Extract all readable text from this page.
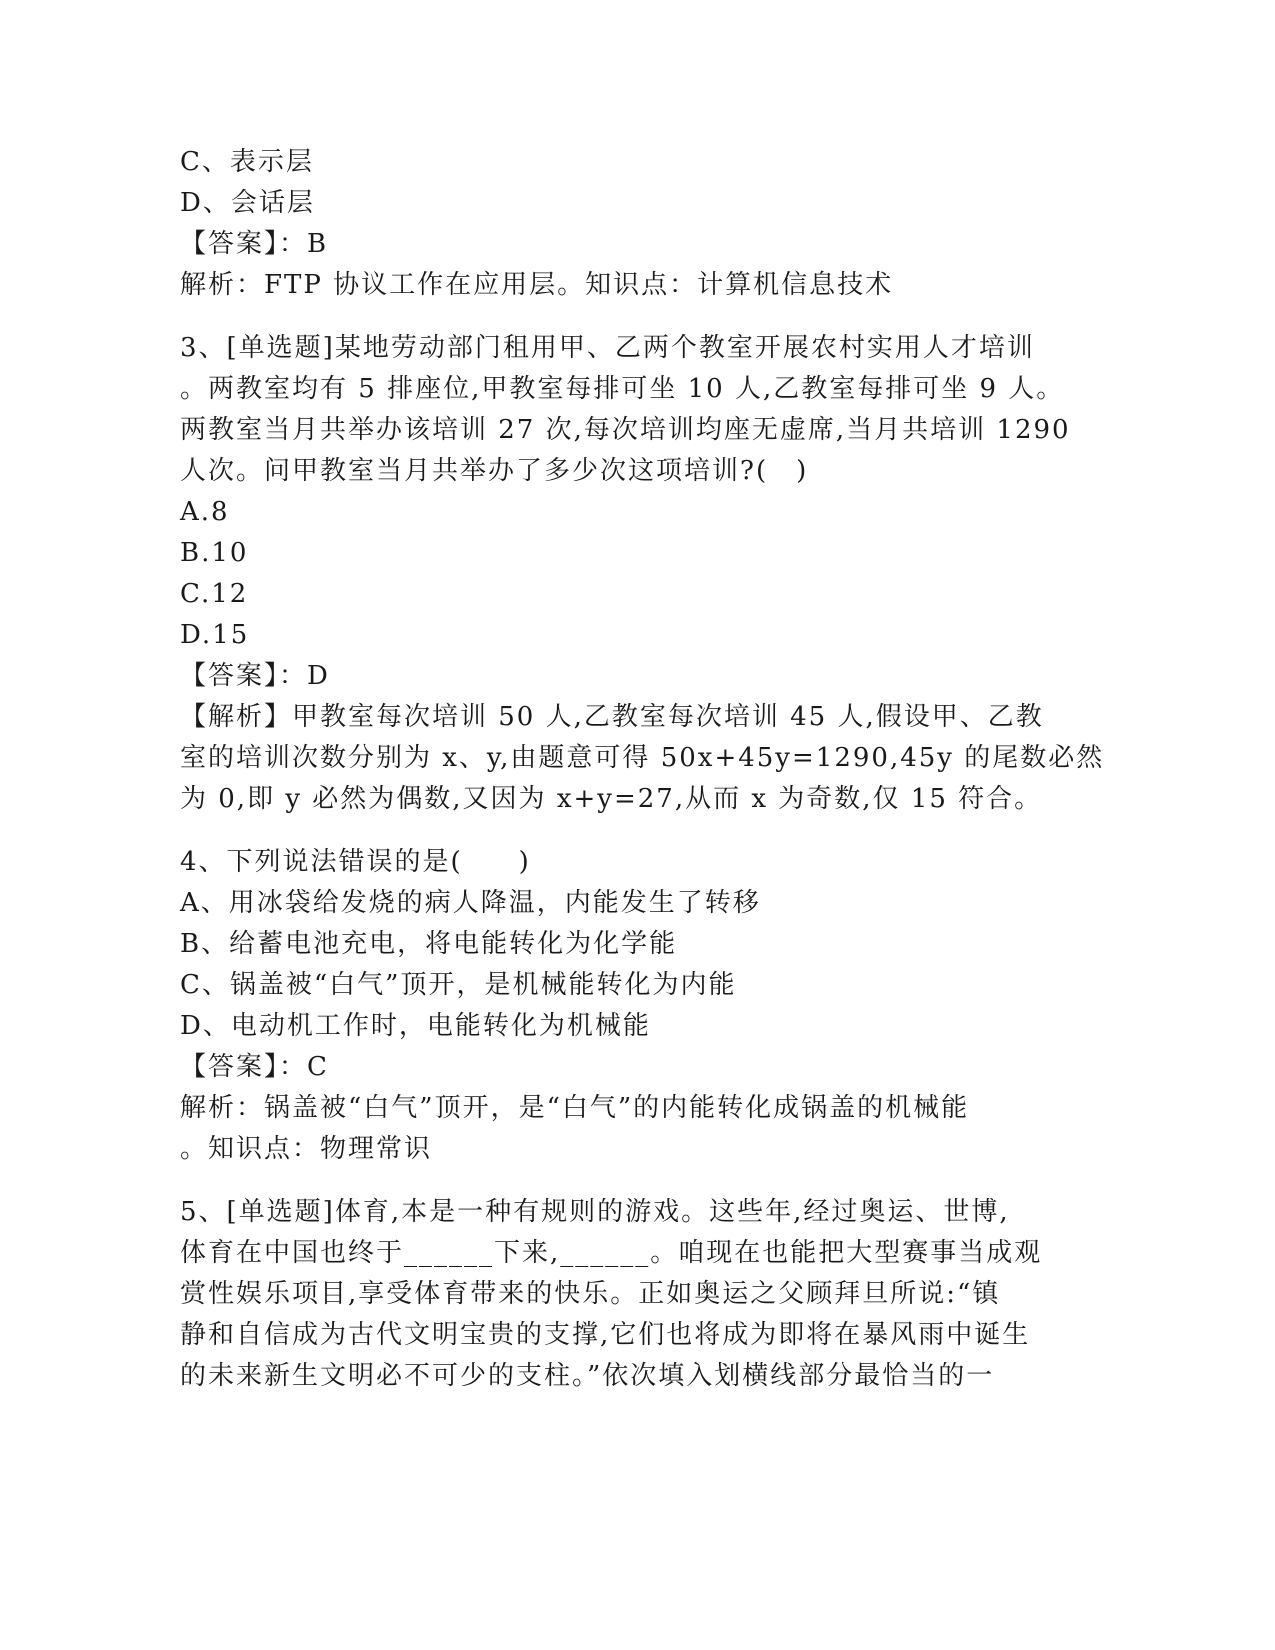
C、表示层
D、会话层
【答案】：B
解析：FTP 协议工作在应用层。知识点：计算机信息技术
3、[单选题]某地劳动部门租用甲、乙两个教室开展农村实用人才培训
。两教室均有 5 排座位,甲教室每排可坐 10 人,乙教室每排可坐 9 人。
两教室当月共举办该培训 27 次,每次培训均座无虚席,当月共培训 1290
人次。问甲教室当月共举办了多少次这项培训?(　)
A.8
B.10
C.12
D.15
【答案】：D
【解析】甲教室每次培训 50 人,乙教室每次培训 45 人,假设甲、乙教
室的培训次数分别为 x、y,由题意可得 50x+45y=1290,45y 的尾数必然
为 0,即 y 必然为偶数,又因为 x+y=27,从而 x 为奇数,仅 15 符合。
4、下列说法错误的是(　　)
A、用冰袋给发烧的病人降温，内能发生了转移
B、给蓄电池充电，将电能转化为化学能
C、锅盖被“白气”顶开，是机械能转化为内能
D、电动机工作时，电能转化为机械能
【答案】：C
解析：锅盖被“白气”顶开，是“白气”的内能转化成锅盖的机械能
。知识点：物理常识
5、[单选题]体育,本是一种有规则的游戏。这些年,经过奥运、世博,
体育在中国也终于______下来,______。咱现在也能把大型赛事当成观
赏性娱乐项目,享受体育带来的快乐。正如奥运之父顾拜旦所说:“镇
静和自信成为古代文明宝贵的支撑,它们也将成为即将在暴风雨中诞生
的未来新生文明必不可少的支柱。”依次填入划横线部分最恰当的一
